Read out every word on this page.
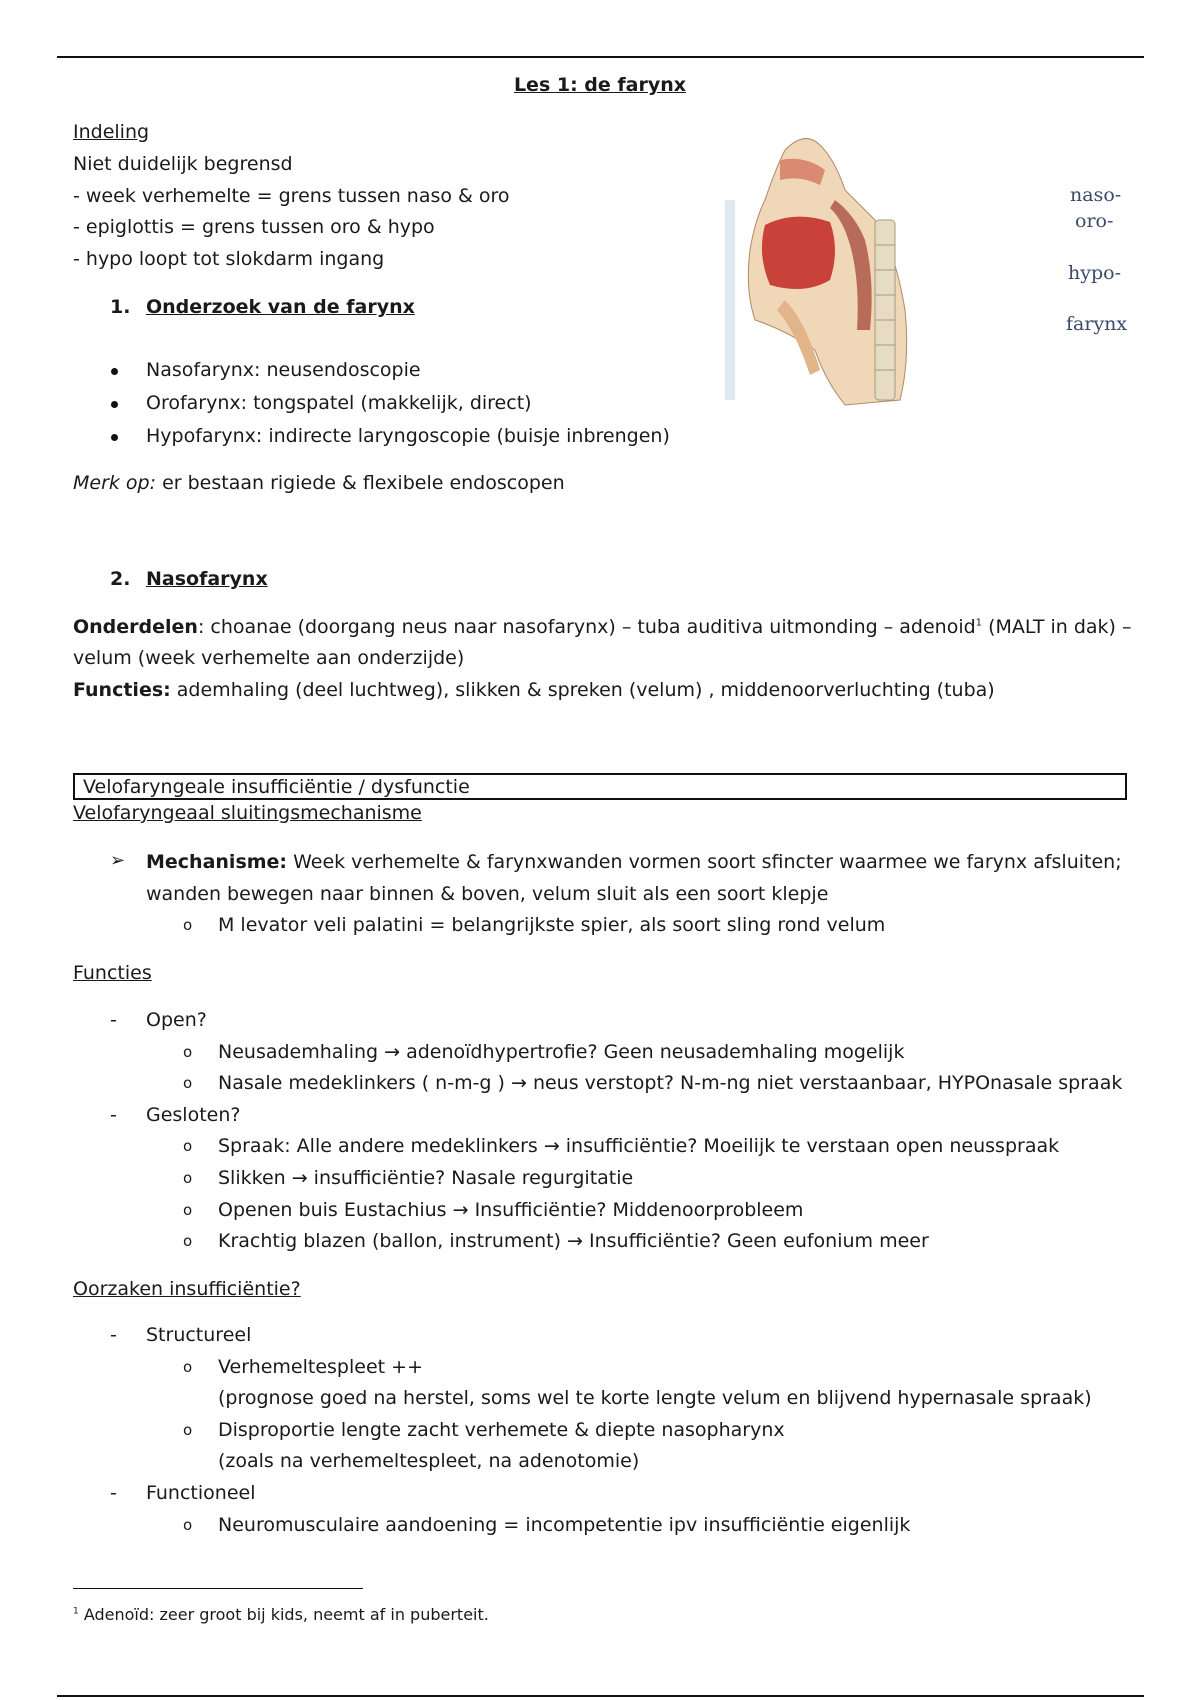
Les 1: de farynx
Indeling
Niet duidelijk begrensd
- week verhemelte = grens tussen naso & oro
- epiglottis = grens tussen oro & hypo
- hypo loopt tot slokdarm ingang
naso-
oro-
hypo-
farynx
1. Onderzoek van de farynx
Nasofarynx: neusendoscopie
Orofarynx: tongspatel (makkelijk, direct)
Hypofarynx: indirecte laryngoscopie (buisje inbrengen)
Merk op: er bestaan rigiede & flexibele endoscopen
2. Nasofarynx
Onderdelen: choanae (doorgang neus naar nasofarynx) – tuba auditiva uitmonding – adenoid$^1$ (MALT in dak) –
velum (week verhemelte aan onderzijde)
Functies: ademhaling (deel luchtweg), slikken & spreken (velum) , middenoorverluchting (tuba)
Velofaryngeale insufficiëntie / dysfunctie
Velofaryngeaal sluitingsmechanisme
➢ Mechanisme: Week verhemelte & farynxwanden vormen soort sfincter waarmee we farynx afsluiten;
wanden bewegen naar binnen & boven, velum sluit als een soort klepje
o M levator veli palatini = belangrijkste spier, als soort sling rond velum
Functies
- Open?
o Neusademhaling → adenoïdhypertrofie? Geen neusademhaling mogelijk
o Nasale medeklinkers ( n-m-g ) → neus verstopt? N-m-ng niet verstaanbaar, HYPOnasale spraak
- Gesloten?
o Spraak: Alle andere medeklinkers → insufficiëntie? Moeilijk te verstaan open neusspraak
o Slikken → insufficiëntie? Nasale regurgitatie
o Openen buis Eustachius → Insufficiëntie? Middenoorprobleem
o Krachtig blazen (ballon, instrument) → Insufficiëntie? Geen eufonium meer
Oorzaken insufficiëntie?
- Structureel
o Verhemeltespleet ++
(prognose goed na herstel, soms wel te korte lengte velum en blijvend hypernasale spraak)
o Disproportie lengte zacht verhemete & diepte nasopharynx
(zoals na verhemeltespleet, na adenotomie)
- Functioneel
o Neuromusculaire aandoening = incompetentie ipv insufficiëntie eigenlijk
$^1$ Adenoïd: zeer groot bij kids, neemt af in puberteit.
